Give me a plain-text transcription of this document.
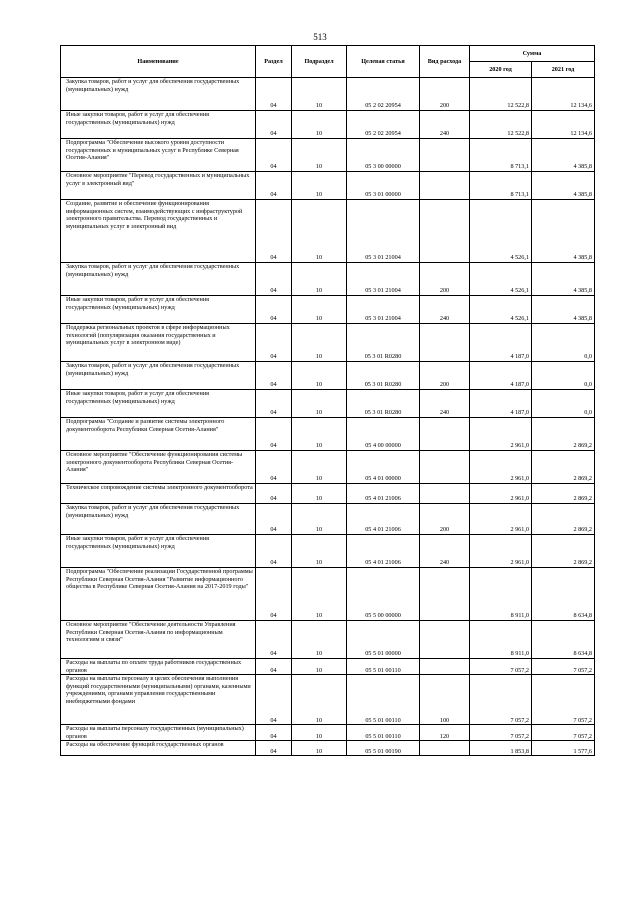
513
Наименование	Раздел	Подраздел	Целевая статья	Вид расхода	Сумма	
					2020 год	2021 год
Закупка товаров, работ и услуг для обеспечения государственных (муниципальных) нужд	04	10	05 2 02 20954	200	12 522,8	12 134,6
Иные закупки товаров, работ и услуг для обеспечения государственных (муниципальных) нужд	04	10	05 2 02 20954	240	12 522,8	12 134,6
Подпрограмма "Обеспечение высокого уровня доступности государственных и муниципальных услуг в Республике Северная Осетия-Алания"	04	10	05 3 00 00000		8 713,1	4 385,8
Основное мероприятие "Перевод государственных и муниципальных услуг в электронный вид"	04	10	05 3 01 00000		8 713,1	4 385,8
Создание, развитие и обеспечение функционирования информационных систем, взаимодействующих с инфраструктурой электронного правительства. Перевод государственных и муниципальных услуг в электронный вид	04	10	05 3 01 21004		4 526,1	4 385,8
Закупка товаров, работ и услуг для обеспечения государственных (муниципальных) нужд	04	10	05 3 01 21004	200	4 526,1	4 385,8
Иные закупки товаров, работ и услуг для обеспечения государственных (муниципальных) нужд	04	10	05 3 01 21004	240	4 526,1	4 385,8
Поддержка региональных проектов в сфере информационных технологий (популяризация оказания государственных и муниципальных услуг в электронном виде)	04	10	05 3 01 R0280		4 187,0	0,0
Закупка товаров, работ и услуг для обеспечения государственных (муниципальных) нужд	04	10	05 3 01 R0280	200	4 187,0	0,0
Иные закупки товаров, работ и услуг для обеспечения государственных (муниципальных) нужд	04	10	05 3 01 R0280	240	4 187,0	0,0
Подпрограмма "Создание и развитие системы электронного документооборота Республики Северная Осетия-Алания"	04	10	05 4 00 00000		2 961,0	2 869,2
Основное мероприятие "Обеспечение функционирования системы электронного документооборота Республики Северная Осетия-Алания"	04	10	05 4 01 00000		2 961,0	2 869,2
Техническое сопровождение системы электронного документооборота	04	10	05 4 01 21006		2 961,0	2 869,2
Закупка товаров, работ и услуг для обеспечения государственных (муниципальных) нужд	04	10	05 4 01 21006	200	2 961,0	2 869,2
Иные закупки товаров, работ и услуг для обеспечения государственных (муниципальных) нужд	04	10	05 4 01 21006	240	2 961,0	2 869,2
Подпрограмма "Обеспечение реализации Государственной программы Республики Северная Осетия-Алания "Развитие информационного общества в Республике Северная Осетия-Алания на 2017-2019 годы"	04	10	05 5 00 00000		8 911,0	8 634,8
Основное мероприятие "Обеспечение деятельности Управления Республики Северная Осетия-Алания по информационным технологиям и связи"	04	10	05 5 01 00000		8 911,0	8 634,8
Расходы на выплаты по оплате труда работников государственных органов	04	10	05 5 01 00110		7 057,2	7 057,2
Расходы на выплаты персоналу в целях обеспечения выполнения функций государственными (муниципальными) органами, казенными учреждениями, органами управления государственными внебюджетными фондами	04	10	05 5 01 00110	100	7 057,2	7 057,2
Расходы на выплаты персоналу государственных (муниципальных) органов	04	10	05 5 01 00110	120	7 057,2	7 057,2
Расходы на обеспечение функций государственных органов	04	10	05 5 01 00190		1 853,8	1 577,6
